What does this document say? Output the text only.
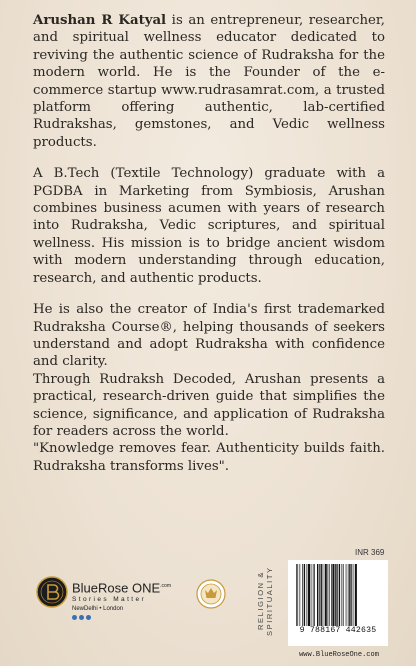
Arushan R Katyal is an entrepreneur, researcher, and spiritual wellness educator dedicated to reviving the authentic science of Rudraksha for the modern world. He is the Founder of the e-commerce startup www.rudrasamrat.com, a trusted platform offering authentic, lab-certified Rudrakshas, gemstones, and Vedic wellness products.

A B.Tech (Textile Technology) graduate with a PGDBA in Marketing from Symbiosis, Arushan combines business acumen with years of research into Rudraksha, Vedic scriptures, and spiritual wellness. His mission is to bridge ancient wisdom with modern understanding through education, research, and authentic products.

He is also the creator of India's first trademarked Rudraksha Course®, helping thousands of seekers understand and adopt Rudraksha with confidence and clarity.

Through Rudraksh Decoded, Arushan presents a practical, research-driven guide that simplifies the science, significance, and application of Rudraksha for readers across the world.

"Knowledge removes fear. Authenticity builds faith. Rudraksha transforms lives".

BlueRose $ONE^{.com}$
Stories Matter
NewDelhi • London
INR 369
RELIGION & SPIRITUALITY	9 788167 442635
www.BlueRoseOne.com
